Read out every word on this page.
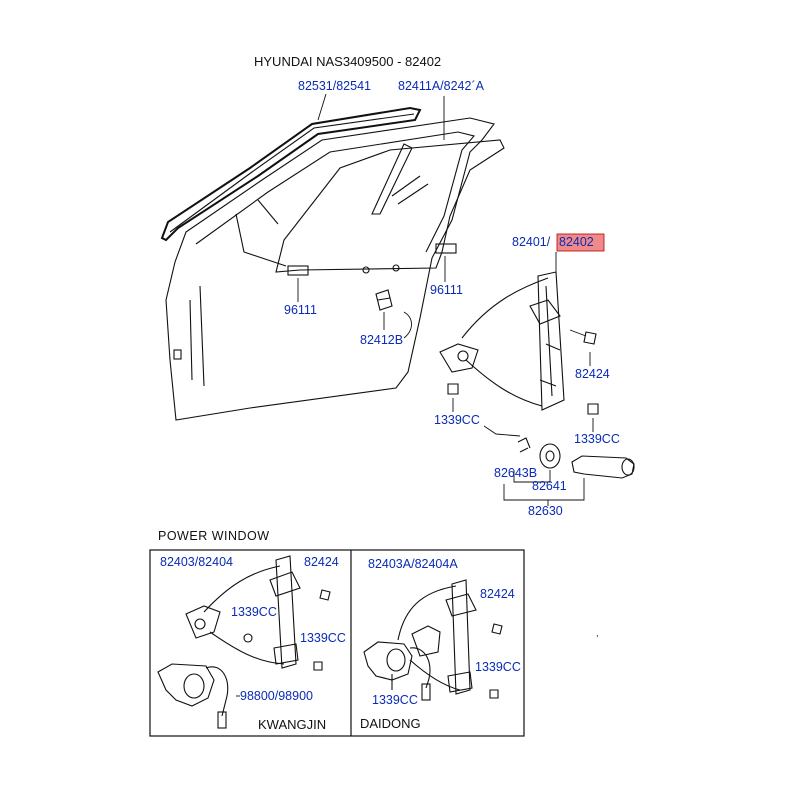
HYUNDAI NAS3409500 - 82402
82531/82541 82411A/8242´A
82401/ 82402
96111
96111
82412B
82424
1339CC
1339CC
82643B
82641
82630
POWER WINDOW
82403/82404	82424
1339CC
1339CC
98800/98900
KWANGJIN
82403A/82404A
82424
1339CC
1339CC
DAIDONG
,
